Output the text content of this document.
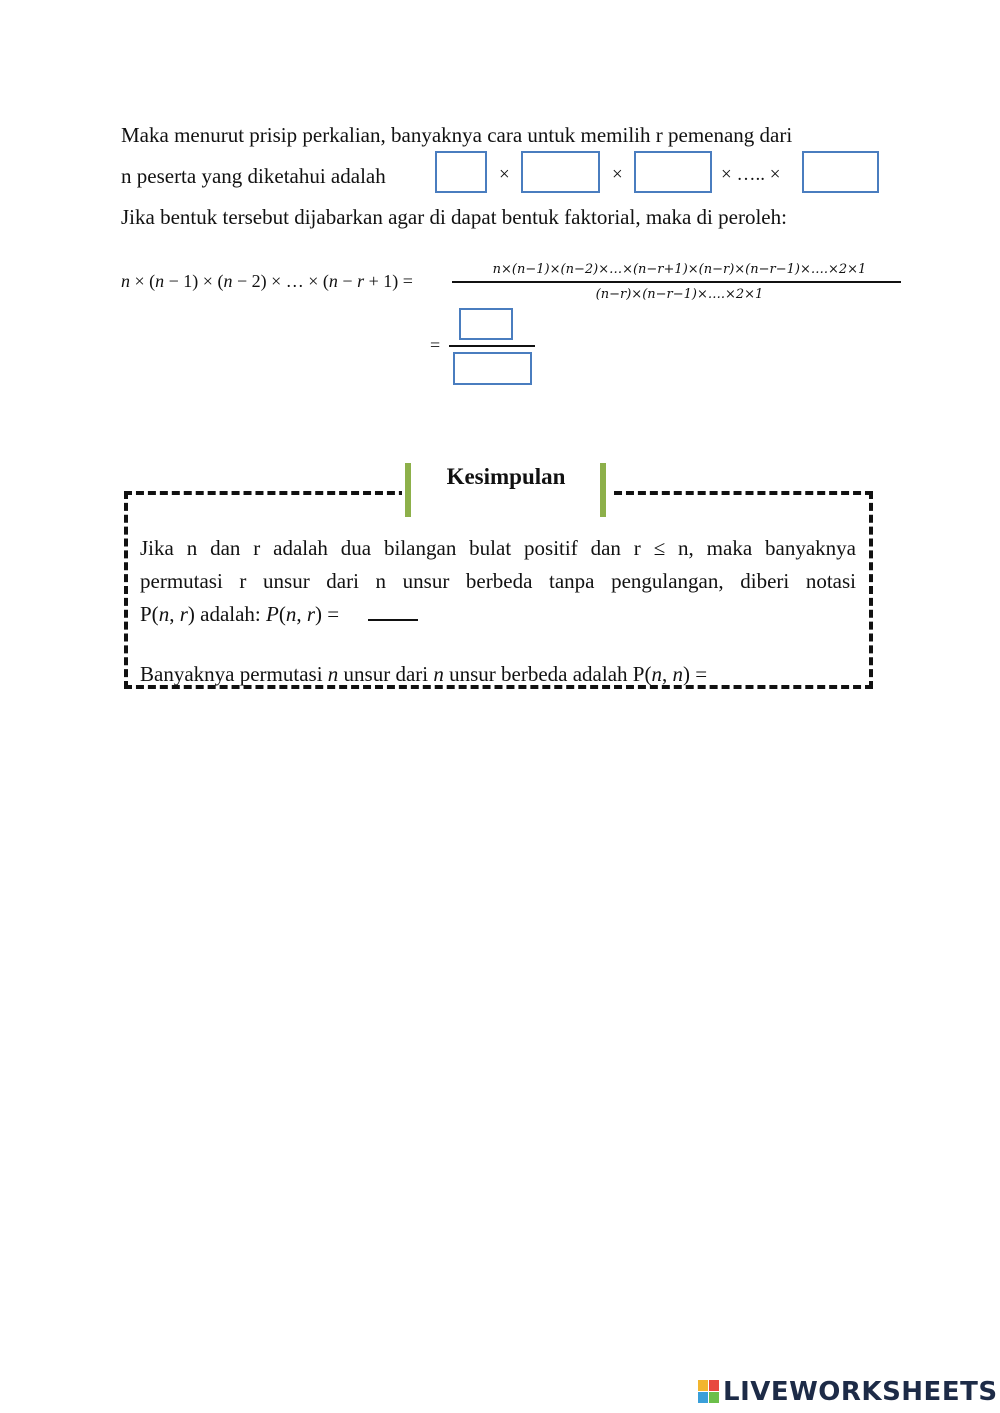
Maka menurut prisip perkalian, banyaknya cara untuk memilih r pemenang dari
n peserta yang diketahui adalah	×	×	× ….. ×
Jika bentuk tersebut dijabarkan agar di dapat bentuk faktorial, maka di peroleh:
n × (n − 1) × (n − 2) × … × (n − r + 1) =
n×(n−1)×(n−2)×…×(n−r+1)×(n−r)×(n−r−1)×….×2×1
(n−r)×(n−r−1)×….×2×1
=
Kesimpulan
Jika n dan r adalah dua bilangan bulat positif dan r ≤ n, maka banyaknya
permutasi r unsur dari n unsur berbeda tanpa pengulangan, diberi notasi
P(n, r) adalah: P(n, r) =
Banyaknya permutasi n unsur dari n unsur berbeda adalah P(n, n) =
LIVEWORKSHEETS
